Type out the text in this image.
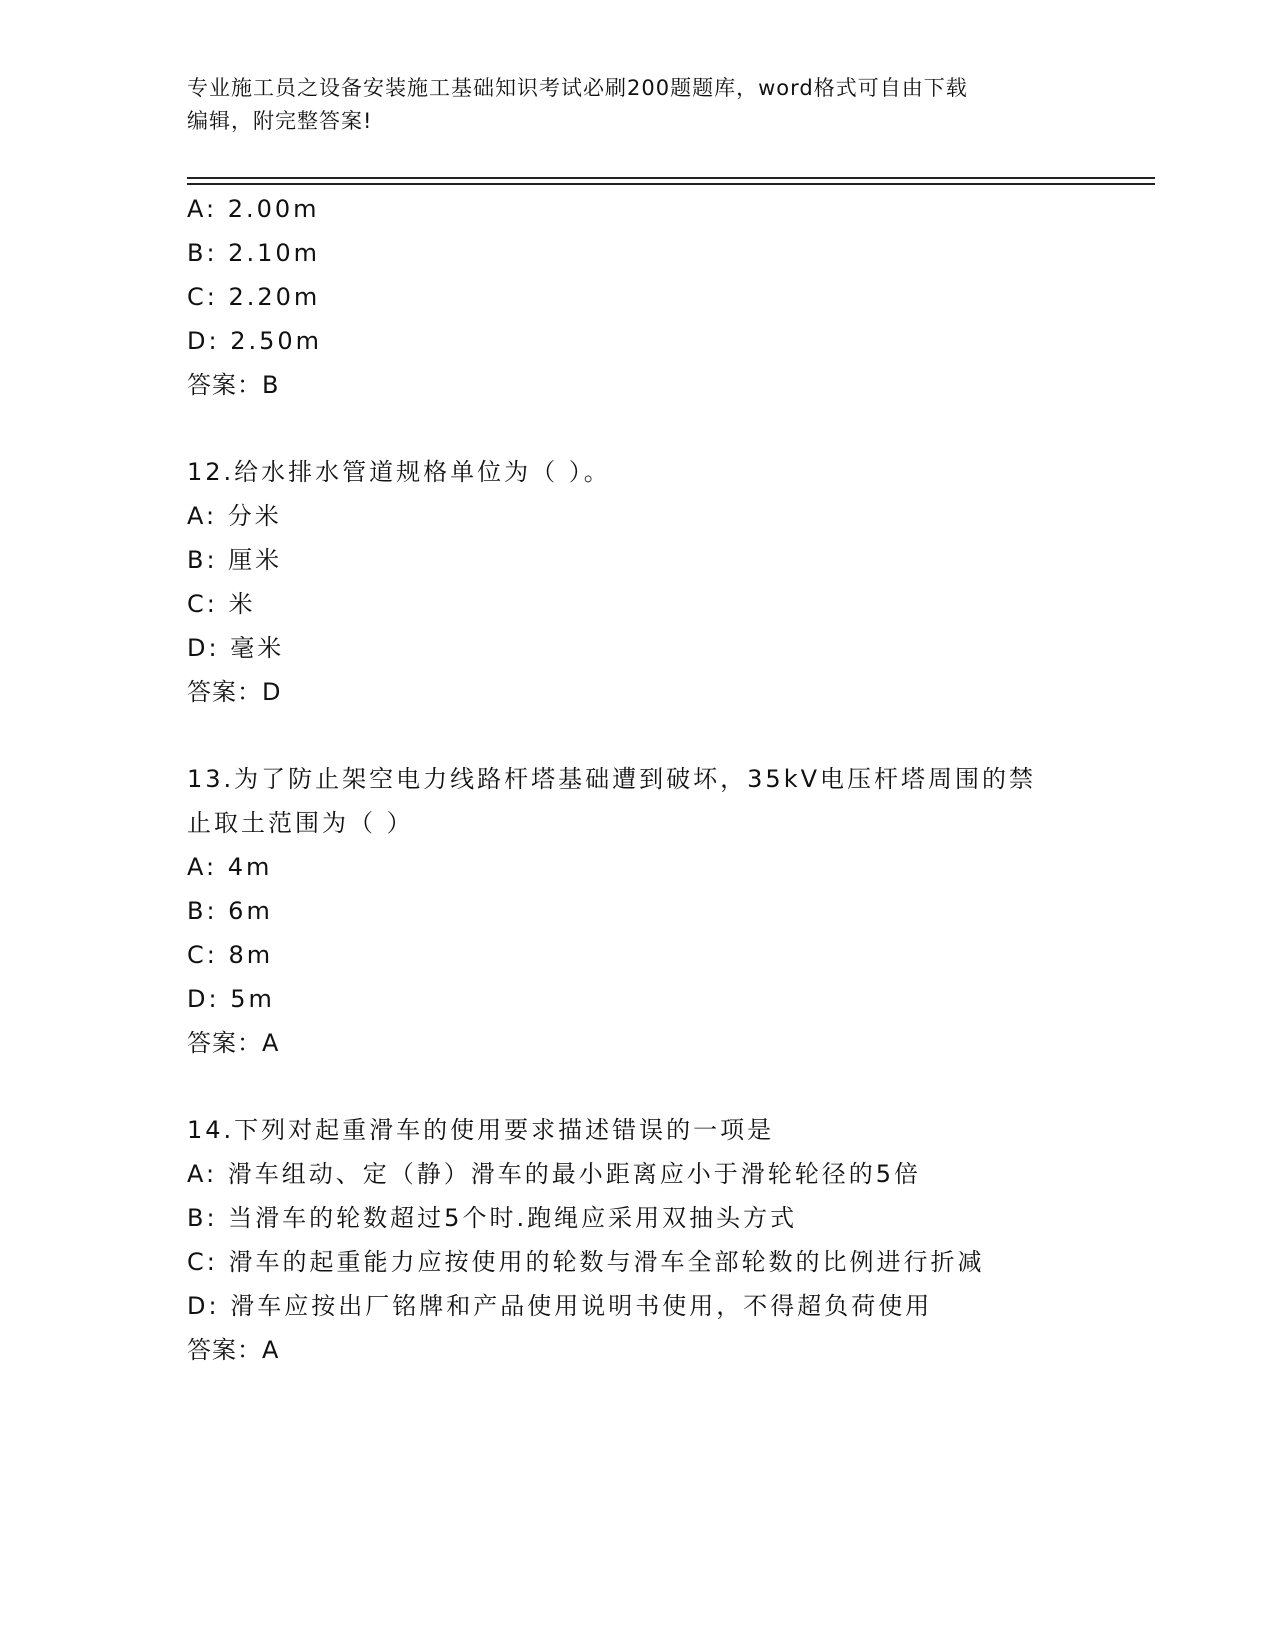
专业施工员之设备安装施工基础知识考试必刷200题题库，word格式可自由下载
编辑，附完整答案!
A: 2.00m
B: 2.10m
C: 2.20m
D: 2.50m
答案：B
12.给水排水管道规格单位为（ ）。
A: 分米
B: 厘米
C: 米
D: 毫米
答案：D
13.为了防止架空电力线路杆塔基础遭到破坏，35kV电压杆塔周围的禁
止取土范围为（ ）
A: 4m
B: 6m
C: 8m
D: 5m
答案：A
14.下列对起重滑车的使用要求描述错误的一项是
A: 滑车组动、定（静）滑车的最小距离应小于滑轮轮径的5倍
B: 当滑车的轮数超过5个时.跑绳应采用双抽头方式
C: 滑车的起重能力应按使用的轮数与滑车全部轮数的比例进行折减
D: 滑车应按出厂铭牌和产品使用说明书使用，不得超负荷使用
答案：A
